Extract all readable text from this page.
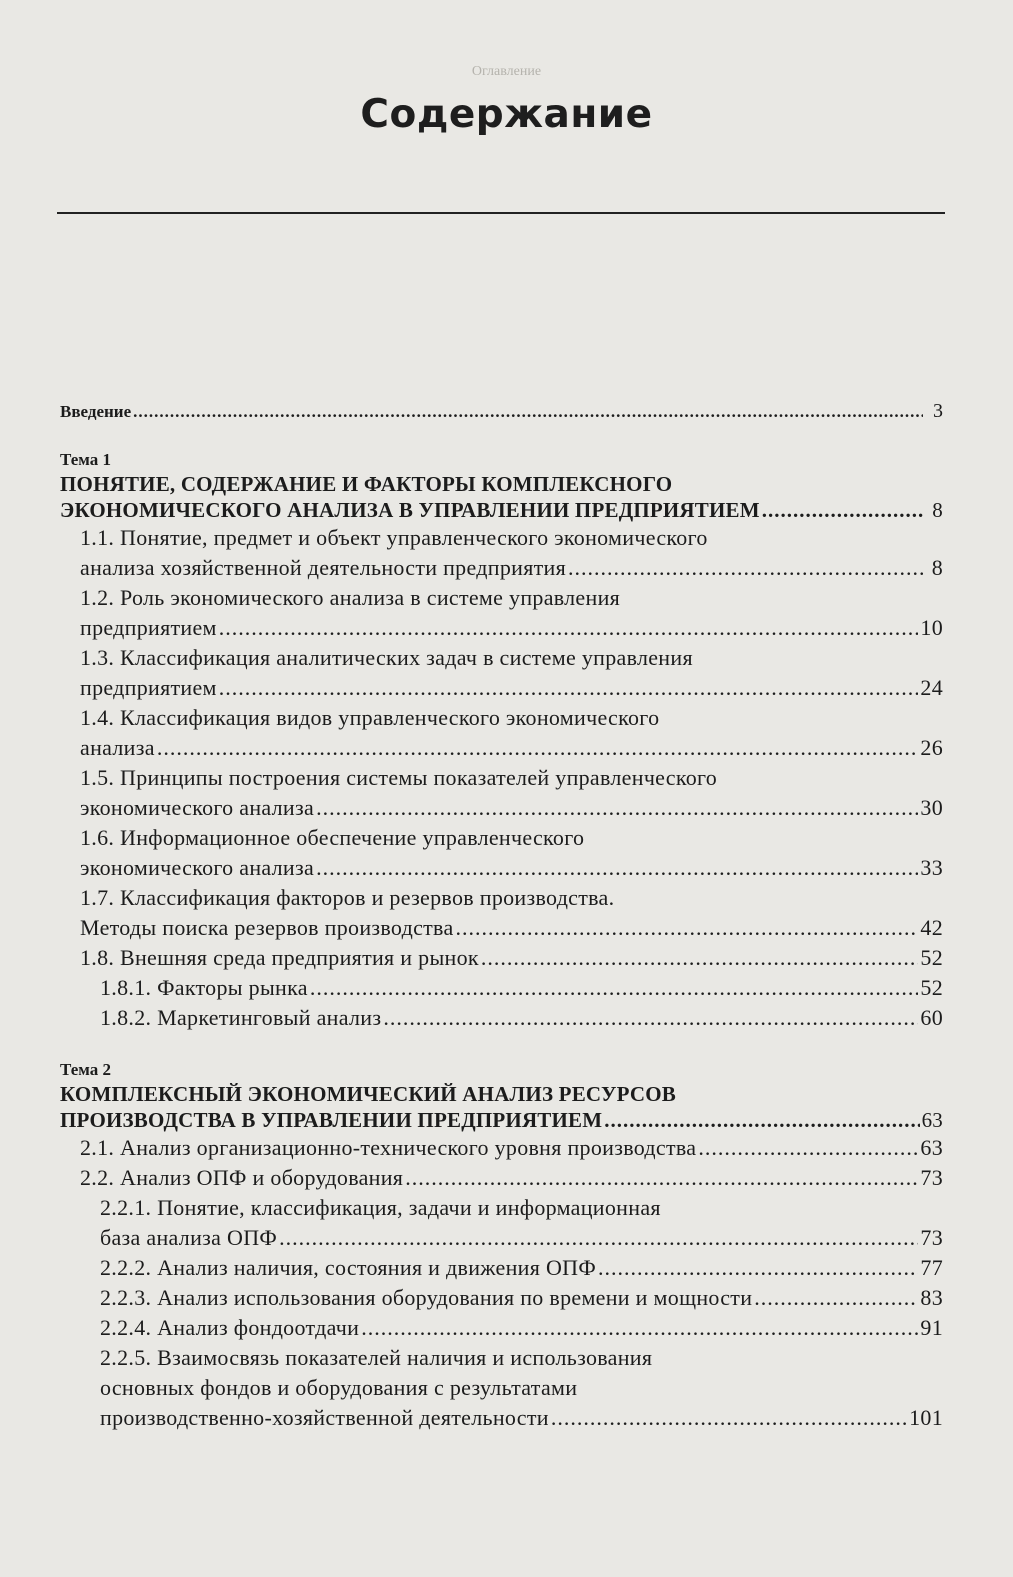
Оглавление
Содержание
Введение .....	3
Тема 1
ПОНЯТИЕ, СОДЕРЖАНИЕ И ФАКТОРЫ КОМПЛЕКСНОГО
ЭКОНОМИЧЕСКОГО АНАЛИЗА В УПРАВЛЕНИИ ПРЕДПРИЯТИЕМ .....	8
1.1. Понятие, предмет и объект управленческого экономического
анализа хозяйственной деятельности предприятия .....	8
1.2. Роль экономического анализа в системе управления
предприятием .....	10
1.3. Классификация аналитических задач в системе управления
предприятием .....	24
1.4. Классификация видов управленческого экономического
анализа .....	26
1.5. Принципы построения системы показателей управленческого
экономического анализа .....	30
1.6. Информационное обеспечение управленческого
экономического анализа .....	33
1.7. Классификация факторов и резервов производства.
Методы поиска резервов производства .....	42
1.8. Внешняя среда предприятия и рынок .....	52
1.8.1. Факторы рынка .....	52
1.8.2. Маркетинговый анализ .....	60
Тема 2
КОМПЛЕКСНЫЙ ЭКОНОМИЧЕСКИЙ АНАЛИЗ РЕСУРСОВ
ПРОИЗВОДСТВА В УПРАВЛЕНИИ ПРЕДПРИЯТИЕМ .....	63
2.1. Анализ организационно-технического уровня производства .....	63
2.2. Анализ ОПФ и оборудования .....	73
2.2.1. Понятие, классификация, задачи и информационная
база анализа ОПФ .....	73
2.2.2. Анализ наличия, состояния и движения ОПФ .....	77
2.2.3. Анализ использования оборудования по времени и мощности .....	83
2.2.4. Анализ фондоотдачи .....	91
2.2.5. Взаимосвязь показателей наличия и использования
основных фондов и оборудования с результатами
производственно-хозяйственной деятельности .....	101
